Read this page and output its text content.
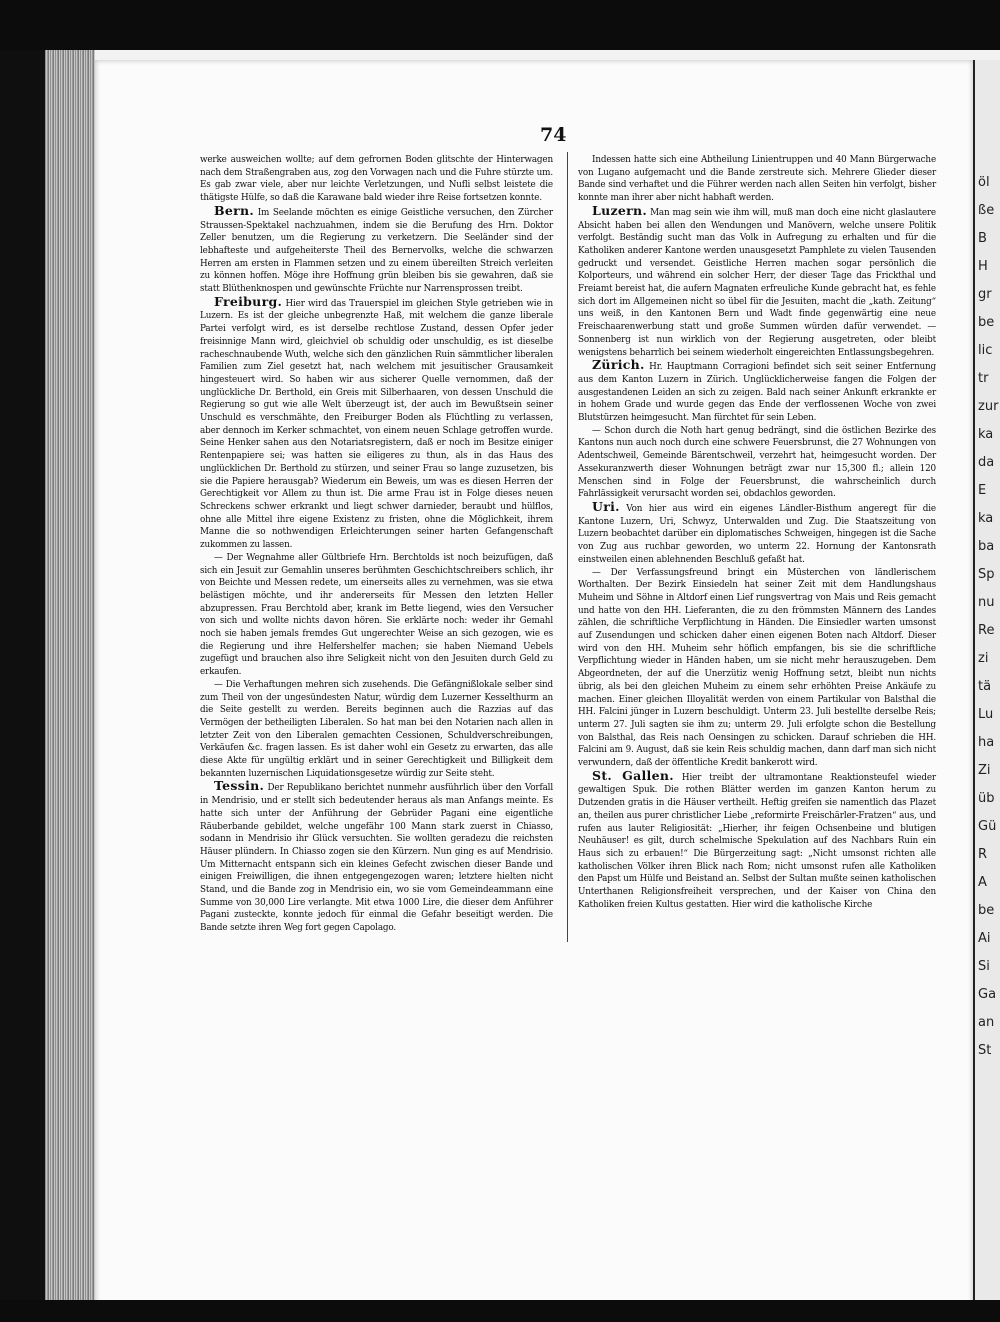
öl
ße
B
H
gr
be
lic
tr
zur
ka
da
E
ka
ba
Sp
nu
Re
zi
tä
Lu
ha
Zi
üb
Gü
R
A
be
Ai
Si
Ga
an
St
74

werke ausweichen wollte; auf dem gefrornen Boden glitschte der Hinterwagen nach dem Straßengraben aus, zog den Vorwagen nach und die Fuhre stürzte um. Es gab zwar viele, aber nur leichte Verletzungen, und Nufli selbst leistete die thätigste Hülfe, so daß die Karawane bald wieder ihre Reise fortsetzen konnte.

Bern. Im Seelande möchten es einige Geistliche versuchen, den Zürcher Straussen-Spektakel nachzuahmen, indem sie die Berufung des Hrn. Doktor Zeller benutzen, um die Regierung zu verketzern. Die Seeländer sind der lebhafteste und aufgeheiterste Theil des Bernervolks, welche die schwarzen Herren am ersten in Flammen setzen und zu einem übereilten Streich verleiten zu können hoffen. Möge ihre Hoffnung grün bleiben bis sie gewahren, daß sie statt Blüthenknospen und gewünschte Früchte nur Narrensprossen treibt.

Freiburg. Hier wird das Trauerspiel im gleichen Style getrieben wie in Luzern. Es ist der gleiche unbegrenzte Haß, mit welchem die ganze liberale Partei verfolgt wird, es ist derselbe rechtlose Zustand, dessen Opfer jeder freisinnige Mann wird, gleichviel ob schuldig oder unschuldig, es ist dieselbe racheschnaubende Wuth, welche sich den gänzlichen Ruin sämmtlicher liberalen Familien zum Ziel gesetzt hat, nach welchem mit jesuitischer Grausamkeit hingesteuert wird. So haben wir aus sicherer Quelle vernommen, daß der unglückliche Dr. Berthold, ein Greis mit Silberhaaren, von dessen Unschuld die Regierung so gut wie alle Welt überzeugt ist, der auch im Bewußtsein seiner Unschuld es verschmähte, den Freiburger Boden als Flüchtling zu verlassen, aber dennoch im Kerker schmachtet, von einem neuen Schlage getroffen wurde. Seine Henker sahen aus den Notariatsregistern, daß er noch im Besitze einiger Rentenpapiere sei; was hatten sie eiligeres zu thun, als in das Haus des unglücklichen Dr. Berthold zu stürzen, und seiner Frau so lange zuzusetzen, bis sie die Papiere herausgab? Wiederum ein Beweis, um was es diesen Herren der Gerechtigkeit vor Allem zu thun ist. Die arme Frau ist in Folge dieses neuen Schreckens schwer erkrankt und liegt schwer darnieder, beraubt und hülflos, ohne alle Mittel ihre eigene Existenz zu fristen, ohne die Möglichkeit, ihrem Manne die so nothwendigen Erleichterungen seiner harten Gefangenschaft zukommen zu lassen.

— Der Wegnahme aller Gültbriefe Hrn. Berchtolds ist noch beizufügen, daß sich ein Jesuit zur Gemahlin unseres berühmten Geschichtschreibers schlich, ihr von Beichte und Messen redete, um einerseits alles zu vernehmen, was sie etwa belästigen möchte, und ihr andererseits für Messen den letzten Heller abzupressen. Frau Berchtold aber, krank im Bette liegend, wies den Versucher von sich und wollte nichts davon hören. Sie erklärte noch: weder ihr Gemahl noch sie haben jemals fremdes Gut ungerechter Weise an sich gezogen, wie es die Regierung und ihre Helfershelfer machen; sie haben Niemand Uebels zugefügt und brauchen also ihre Seligkeit nicht von den Jesuiten durch Geld zu erkaufen.

— Die Verhaftungen mehren sich zusehends. Die Gefängnißlokale selber sind zum Theil von der ungesündesten Natur, würdig dem Luzerner Kesselthurm an die Seite gestellt zu werden. Bereits beginnen auch die Razzias auf das Vermögen der betheiligten Liberalen. So hat man bei den Notarien nach allen in letzter Zeit von den Liberalen gemachten Cessionen, Schuldverschreibungen, Verkäufen &c. fragen lassen. Es ist daher wohl ein Gesetz zu erwarten, das alle diese Akte für ungültig erklärt und in seiner Gerechtigkeit und Billigkeit dem bekannten luzernischen Liquidationsgesetze würdig zur Seite steht.

Tessin. Der Republikano berichtet nunmehr ausführlich über den Vorfall in Mendrisio, und er stellt sich bedeutender heraus als man Anfangs meinte. Es hatte sich unter der Anführung der Gebrüder Pagani eine eigentliche Räuberbande gebildet, welche ungefähr 100 Mann stark zuerst in Chiasso, sodann in Mendrisio ihr Glück versuchten. Sie wollten geradezu die reichsten Häuser plündern. In Chiasso zogen sie den Kürzern. Nun ging es auf Mendrisio. Um Mitternacht entspann sich ein kleines Gefecht zwischen dieser Bande und einigen Freiwilligen, die ihnen entgegengezogen waren; letztere hielten nicht Stand, und die Bande zog in Mendrisio ein, wo sie vom Gemeindeammann eine Summe von 30,000 Lire verlangte. Mit etwa 1000 Lire, die dieser dem Anführer Pagani zusteckte, konnte jedoch für einmal die Gefahr beseitigt werden. Die Bande setzte ihren Weg fort gegen Capolago.

Indessen hatte sich eine Abtheilung Linientruppen und 40 Mann Bürgerwache von Lugano aufgemacht und die Bande zerstreute sich. Mehrere Glieder dieser Bande sind verhaftet und die Führer werden nach allen Seiten hin verfolgt, bisher konnte man ihrer aber nicht habhaft werden.

Luzern. Man mag sein wie ihm will, muß man doch eine nicht glaslautere Absicht haben bei allen den Wendungen und Manövern, welche unsere Politik verfolgt. Beständig sucht man das Volk in Aufregung zu erhalten und für die Katholiken anderer Kantone werden unausgesetzt Pamphlete zu vielen Tausenden gedruckt und versendet. Geistliche Herren machen sogar persönlich die Kolporteurs, und während ein solcher Herr, der dieser Tage das Frickthal und Freiamt bereist hat, die aufern Magnaten erfreuliche Kunde gebracht hat, es fehle sich dort im Allgemeinen nicht so übel für die Jesuiten, macht die „kath. Zeitung“ uns weiß, in den Kantonen Bern und Wadt finde gegenwärtig eine neue Freischaarenwerbung statt und große Summen würden dafür verwendet. — Sonnenberg ist nun wirklich von der Regierung ausgetreten, oder bleibt wenigstens beharrlich bei seinem wiederholt eingereichten Entlassungsbegehren.

Zürich. Hr. Hauptmann Corragioni befindet sich seit seiner Entfernung aus dem Kanton Luzern in Zürich. Unglücklicherweise fangen die Folgen der ausgestandenen Leiden an sich zu zeigen. Bald nach seiner Ankunft erkrankte er in hohem Grade und wurde gegen das Ende der verflossenen Woche von zwei Blutstürzen heimgesucht. Man fürchtet für sein Leben.

— Schon durch die Noth hart genug bedrängt, sind die östlichen Bezirke des Kantons nun auch noch durch eine schwere Feuersbrunst, die 27 Wohnungen von Adentschweil, Gemeinde Bärentschweil, verzehrt hat, heimgesucht worden. Der Assekuranzwerth dieser Wohnungen beträgt zwar nur 15,300 fl.; allein 120 Menschen sind in Folge der Feuersbrunst, die wahrscheinlich durch Fahrlässigkeit verursacht worden sei, obdachlos geworden.

Uri. Von hier aus wird ein eigenes Ländler-Bisthum angeregt für die Kantone Luzern, Uri, Schwyz, Unterwalden und Zug. Die Staatszeitung von Luzern beobachtet darüber ein diplomatisches Schweigen, hingegen ist die Sache von Zug aus ruchbar geworden, wo unterm 22. Hornung der Kantonsrath einstweilen einen ablehnenden Beschluß gefaßt hat.

— Der Verfassungsfreund bringt ein Müsterchen von ländlerischem Worthalten. Der Bezirk Einsiedeln hat seiner Zeit mit dem Handlungshaus Muheim und Söhne in Altdorf einen Lief rungsvertrag von Mais und Reis gemacht und hatte von den HH. Lieferanten, die zu den frömmsten Männern des Landes zählen, die schriftliche Verpflichtung in Händen. Die Einsiedler warten umsonst auf Zusendungen und schicken daher einen eigenen Boten nach Altdorf. Dieser wird von den HH. Muheim sehr höflich empfangen, bis sie die schriftliche Verpflichtung wieder in Händen haben, um sie nicht mehr herauszugeben. Dem Abgeordneten, der auf die Unerzütiz wenig Hoffnung setzt, bleibt nun nichts übrig, als bei den gleichen Muheim zu einem sehr erhöhten Preise Ankäufe zu machen. Einer gleichen Illoyalität werden von einem Partikular von Balsthal die HH. Falcini jünger in Luzern beschuldigt. Unterm 23. Juli bestellte derselbe Reis; unterm 27. Juli sagten sie ihm zu; unterm 29. Juli erfolgte schon die Bestellung von Balsthal, das Reis nach Oensingen zu schicken. Darauf schrieben die HH. Falcini am 9. August, daß sie kein Reis schuldig machen, dann darf man sich nicht verwundern, daß der öffentliche Kredit bankerott wird.

St. Gallen. Hier treibt der ultramontane Reaktionsteufel wieder gewaltigen Spuk. Die rothen Blätter werden im ganzen Kanton herum zu Dutzenden gratis in die Häuser vertheilt. Heftig greifen sie namentlich das Plazet an, theilen aus purer christlicher Liebe „reformirte Freischärler-Fratzen“ aus, und rufen aus lauter Religiosität: „Hierher, ihr feigen Ochsenbeine und blutigen Neuhäuser! es gilt, durch schelmische Spekulation auf des Nachbars Ruin ein Haus sich zu erbauen!“ Die Bürgerzeitung sagt: „Nicht umsonst richten alle katholischen Völker ihren Blick nach Rom; nicht umsonst rufen alle Katholiken den Papst um Hülfe und Beistand an. Selbst der Sultan mußte seinen katholischen Unterthanen Religionsfreiheit versprechen, und der Kaiser von China den Katholiken freien Kultus gestatten. Hier wird die katholische Kirche
